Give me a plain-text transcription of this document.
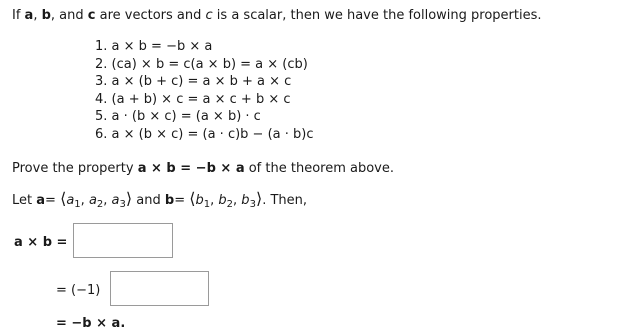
If a, b, and c are vectors and c is a scalar, then we have the following properties.
1. a × b = −b × a
2. (ca) × b = c(a × b) = a × (cb)
3. a × (b + c) = a × b + a × c
4. (a + b) × c = a × c + b × c
5. a · (b × c) = (a × b) · c
6. a × (b × c) = (a · c)b − (a · b)c
Prove the property a × b = −b × a of the theorem above.
Let $a= ⟨a_1$, $a_2$, $a_3⟩$ and $b= ⟨b_1$, $b_2$, $b_3⟩$. Then,
a × b =
= (−1)
= −b × a.
